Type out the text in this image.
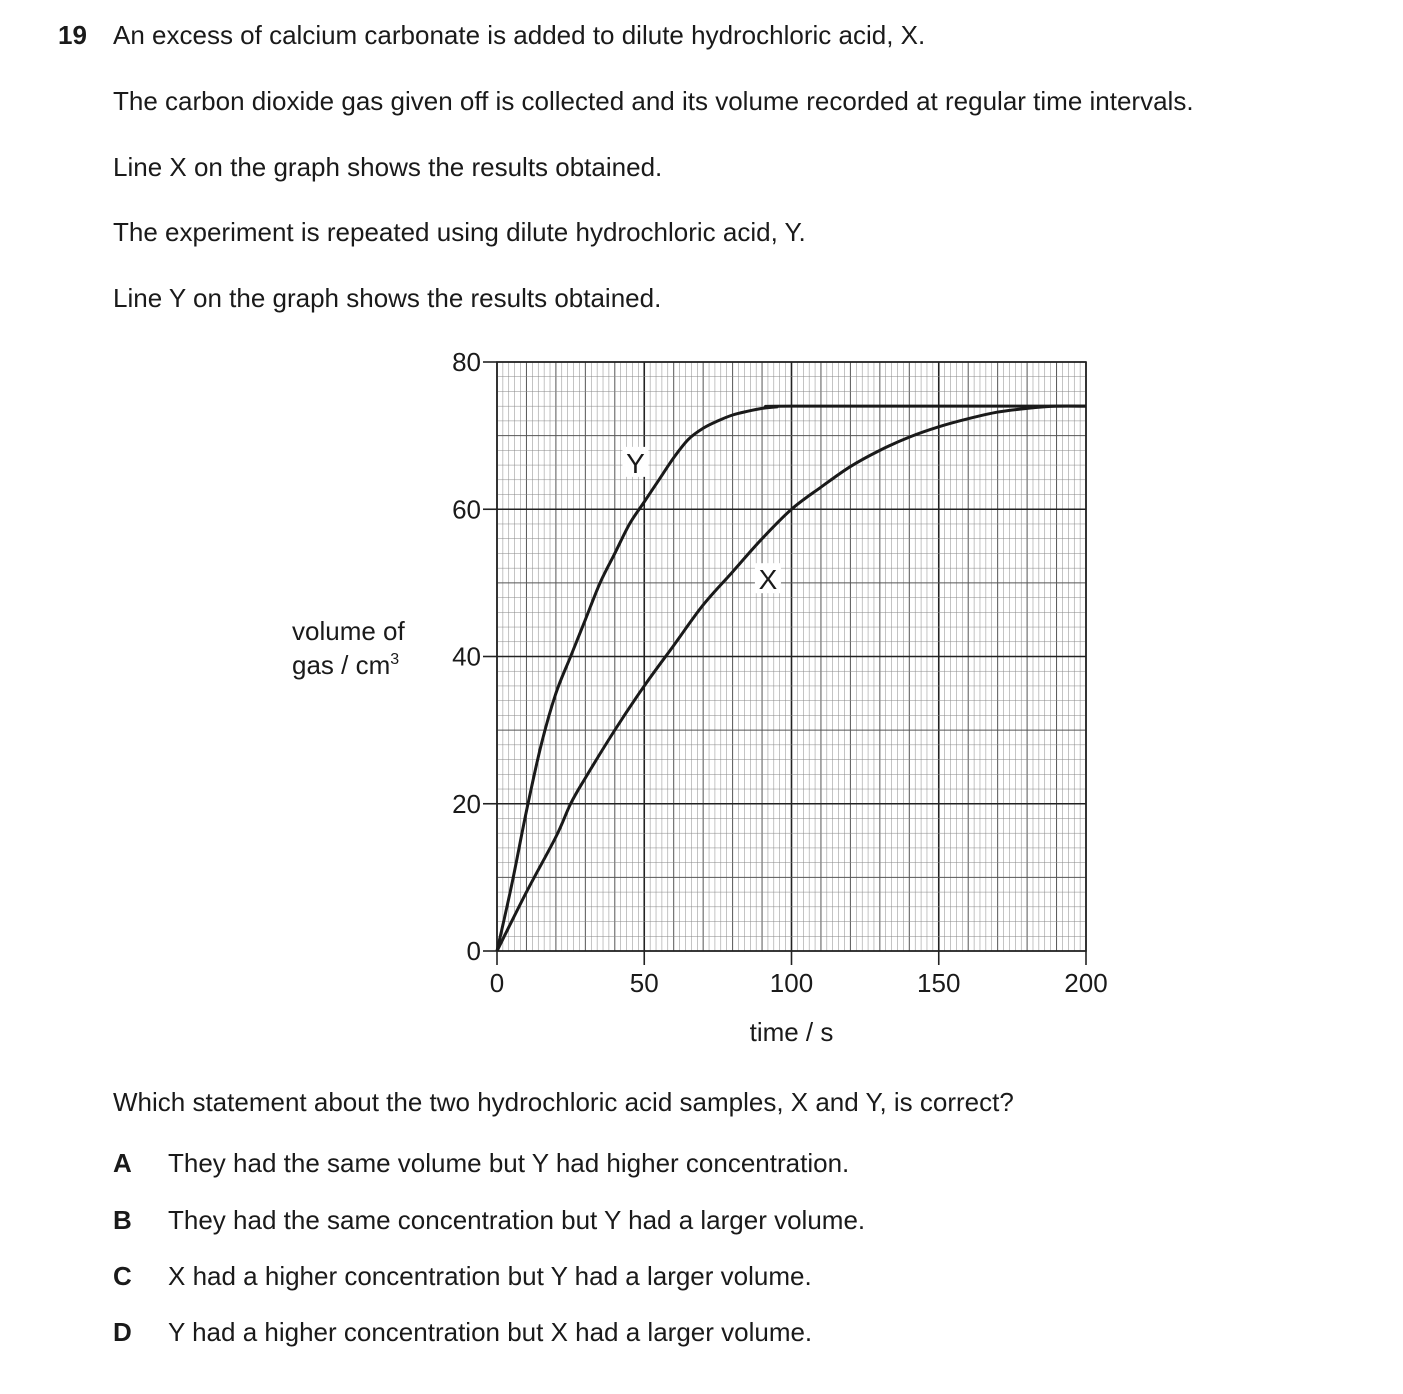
19 An excess of calcium carbonate is added to dilute hydrochloric acid, X.
The carbon dioxide gas given off is collected and its volume recorded at regular time intervals.
Line X on the graph shows the results obtained.
The experiment is repeated using dilute hydrochloric acid, Y.
Line Y on the graph shows the results obtained.
volume of
gas / $cm^3$
0
20
40
60
80
0	50	100	150	200
time / s
Y
X
Which statement about the two hydrochloric acid samples, X and Y, is correct?
A They had the same volume but Y had higher concentration.
B They had the same concentration but Y had a larger volume.
C X had a higher concentration but Y had a larger volume.
D Y had a higher concentration but X had a larger volume.
